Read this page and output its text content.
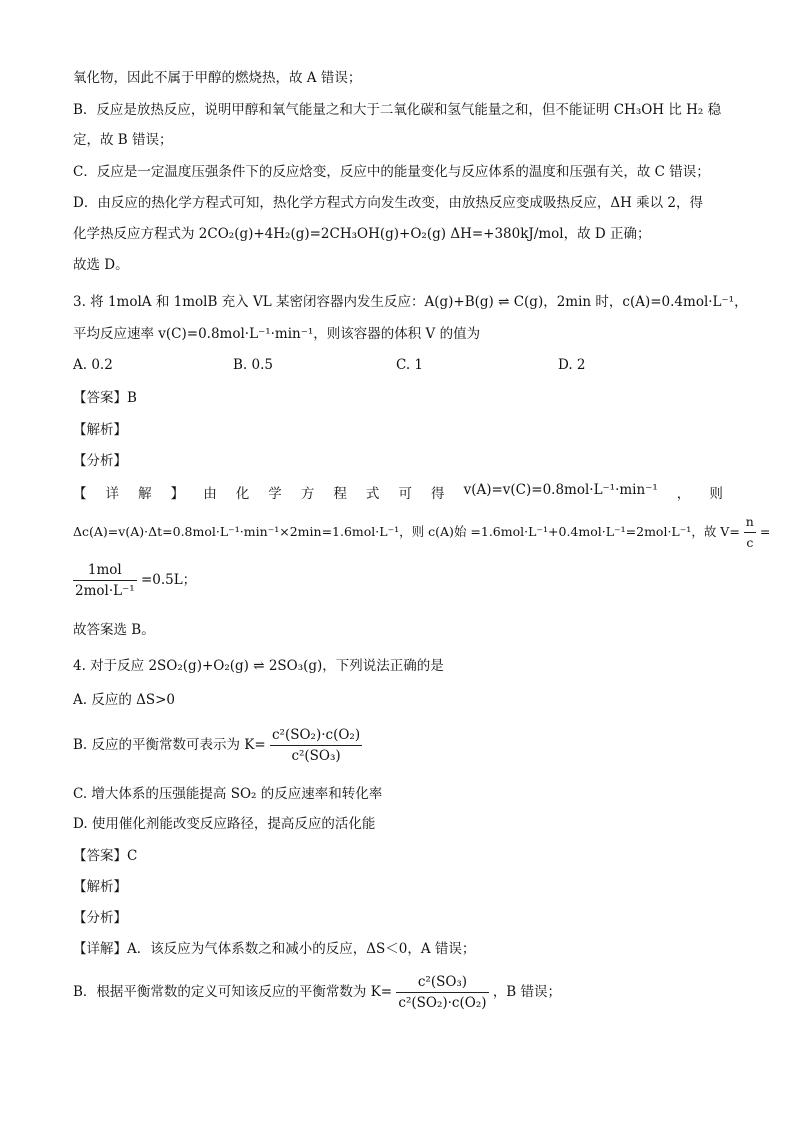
氧化物，因此不属于甲醇的燃烧热，故 A 错误；
B．反应是放热反应，说明甲醇和氧气能量之和大于二氧化碳和氢气能量之和，但不能证明 CH₃OH 比 H₂ 稳
定，故 B 错误；
C．反应是一定温度压强条件下的反应焓变，反应中的能量变化与反应体系的温度和压强有关，故 C 错误；
D．由反应的热化学方程式可知，热化学方程式方向发生改变，由放热反应变成吸热反应，ΔH 乘以 2，得
化学热反应方程式为 2CO₂(g)+4H₂(g)=2CH₃OH(g)+O₂(g) ΔH=+380kJ/mol，故 D 正确；
故选 D。
3. 将 1molA 和 1molB 充入 VL 某密闭容器内发生反应：A(g)+B(g) ⇌ C(g)，2min 时，c(A)=0.4mol·L⁻¹，
平均反应速率 v(C)=0.8mol·L⁻¹·min⁻¹，则该容器的体积 V 的值为
A. 0.2	B. 0.5	C. 1	D. 2
【答案】B
【解析】
【分析】
【 详 解 】 由 化 学 方 程 式 可 得 v(A)=v(C)=0.8mol·L⁻¹·min⁻¹ ， 则
Δc(A)=v(A)·Δt=0.8mol·L⁻¹·min⁻¹×2min=1.6mol·L⁻¹，则 c(A)始 =1.6mol·L⁻¹+0.4mol·L⁻¹=2mol·L⁻¹，故 $V= \frac{n}{c}$ =
$\frac{\text{1mol}}{\text{2mol·L⁻¹}} =0.5L$；
故答案选 B。
4. 对于反应 2SO₂(g)+O₂(g) ⇌ 2SO₃(g)，下列说法正确的是
A. 反应的 ΔS>0
B. 反应的平衡常数可表示为 $K= \frac{\text{c²(SO₂)·c(O₂)}}{\text{c²(SO₃)}}$
C. 增大体系的压强能提高 SO₂ 的反应速率和转化率
D. 使用催化剂能改变反应路径，提高反应的活化能
【答案】C
【解析】
【分析】
【详解】A．该反应为气体系数之和减小的反应，ΔS＜0，A 错误；
B．根据平衡常数的定义可知该反应的平衡常数为 $K= \frac{\text{c²(SO₃)}}{\text{c²(SO₂)·c(O₂)}}$ ，B 错误；
